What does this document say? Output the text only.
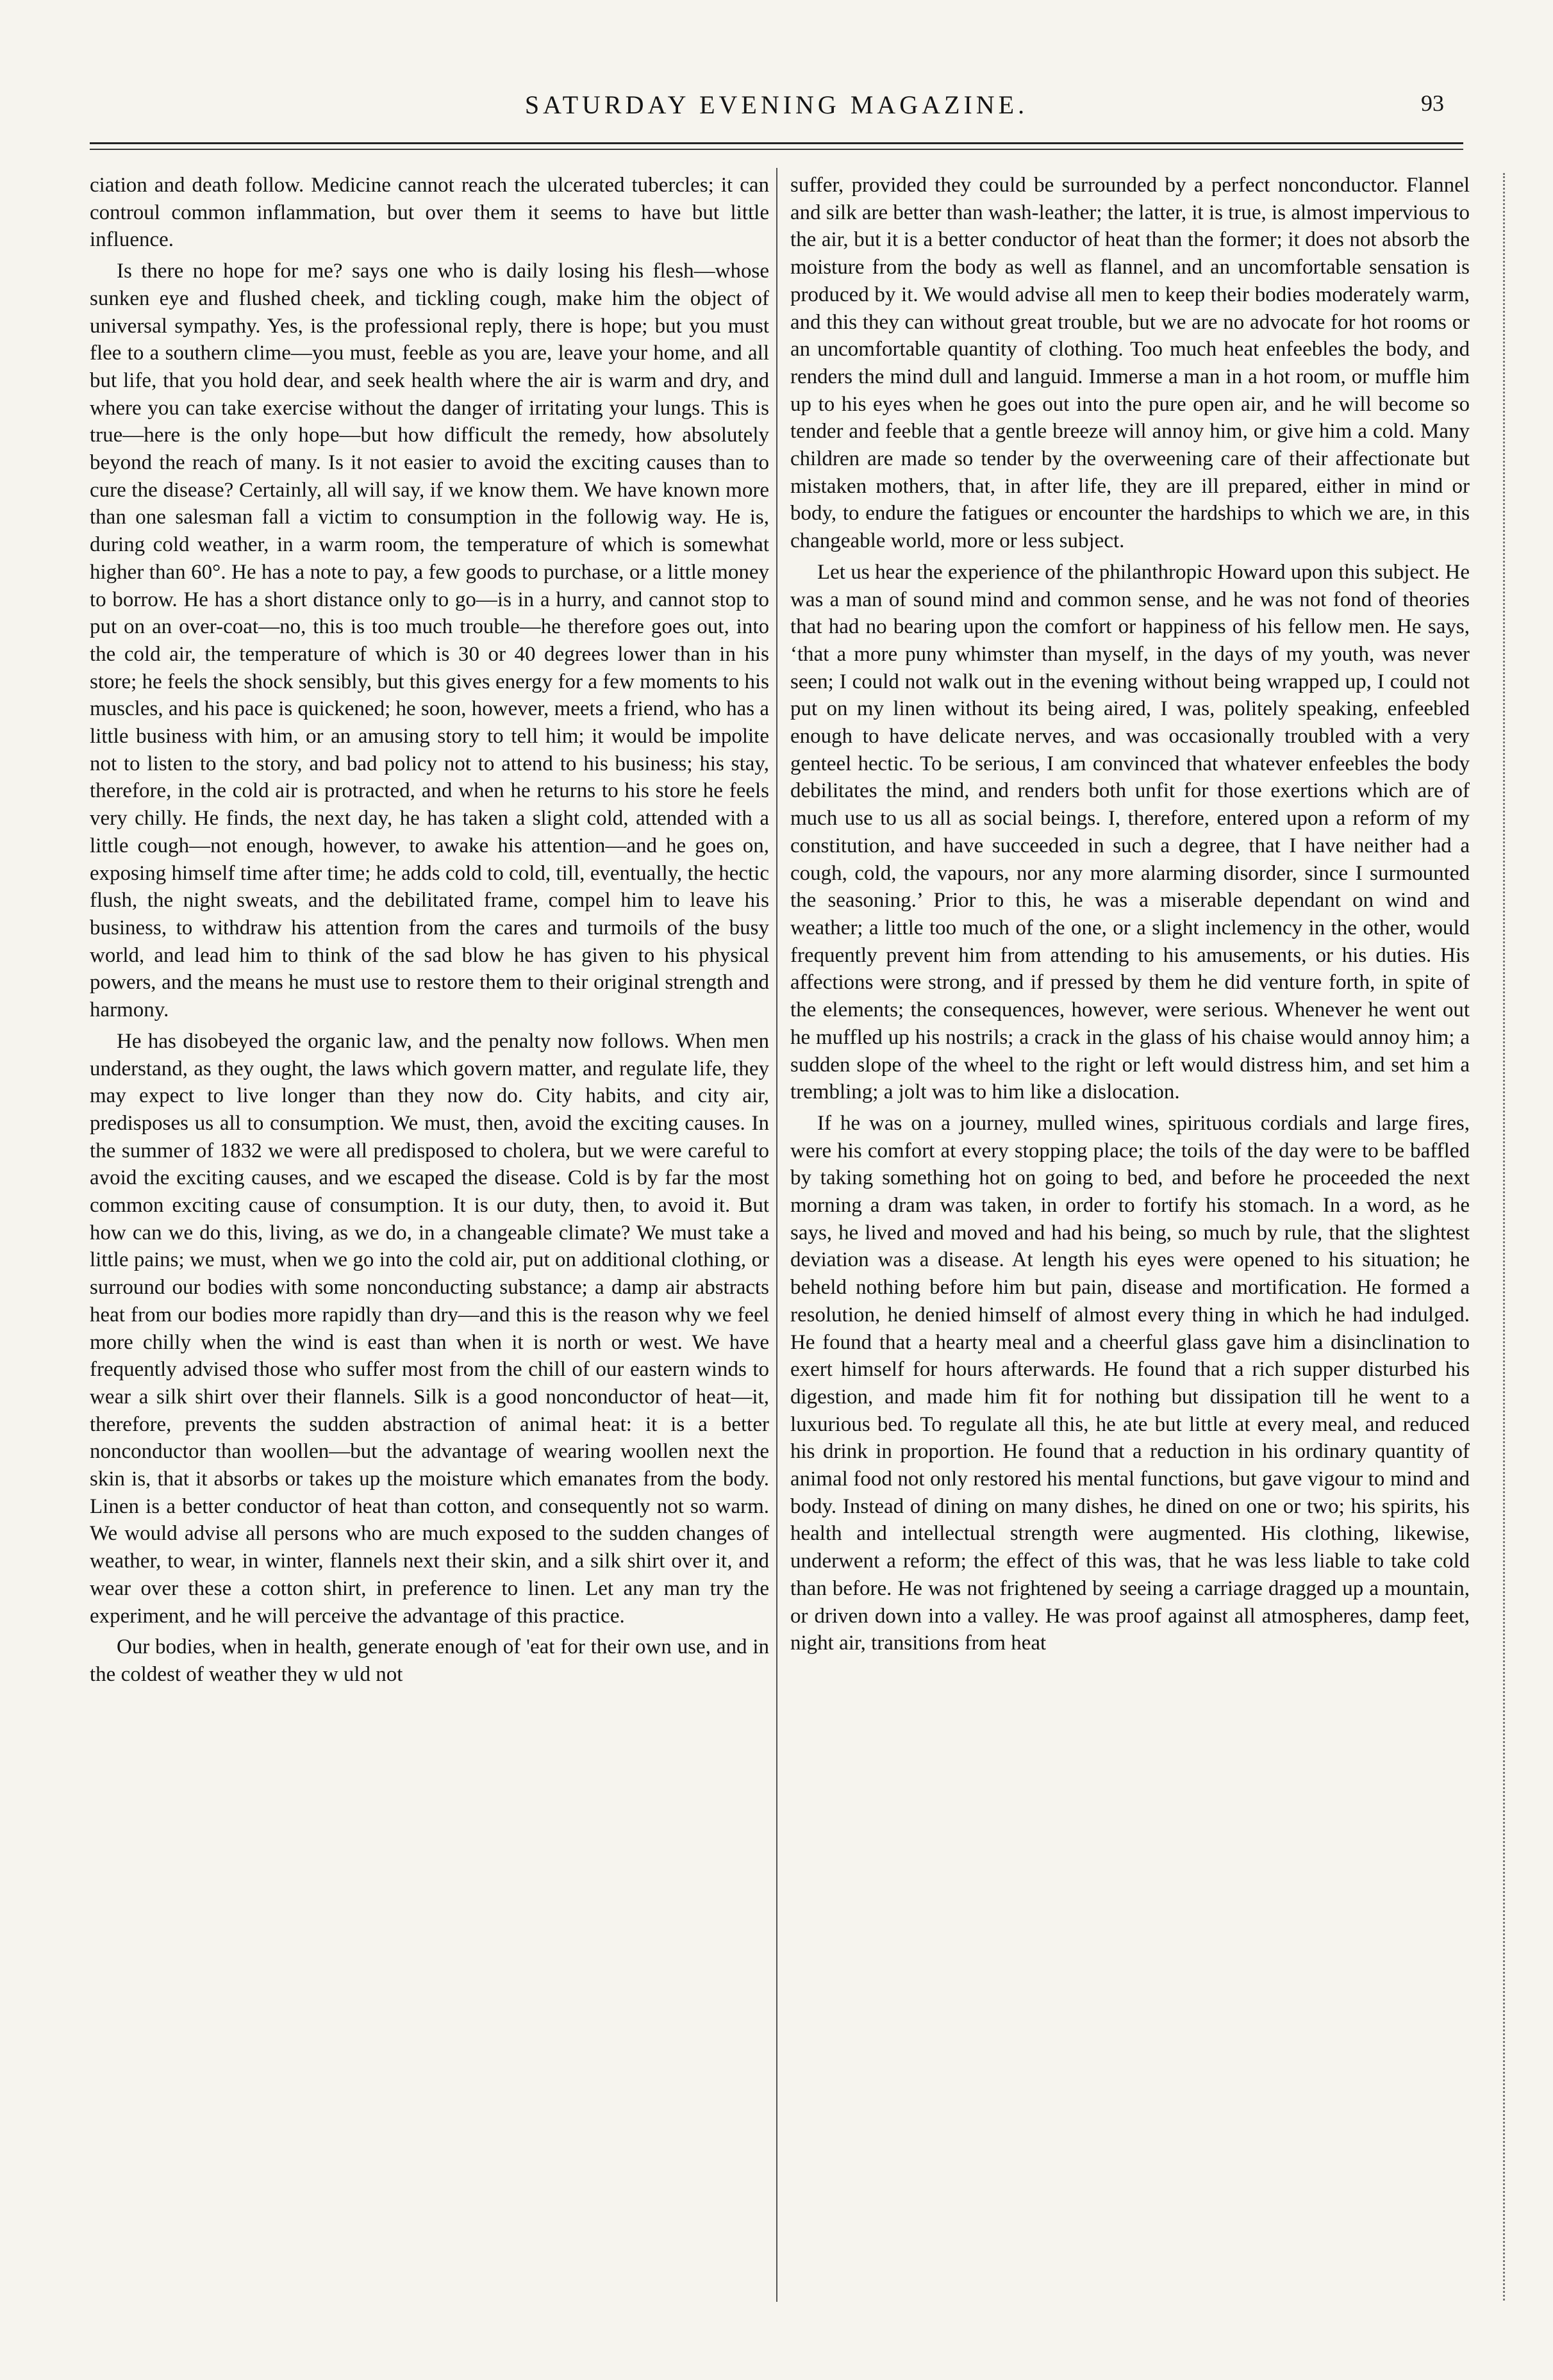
SATURDAY EVENING MAGAZINE.	93

ciation and death follow. Medicine cannot reach the ulcerated tubercles; it can controul common inflammation, but over them it seems to have but little influence.

Is there no hope for me? says one who is daily losing his flesh—whose sunken eye and flushed cheek, and tickling cough, make him the object of universal sympathy. Yes, is the professional reply, there is hope; but you must flee to a southern clime—you must, feeble as you are, leave your home, and all but life, that you hold dear, and seek health where the air is warm and dry, and where you can take exercise without the danger of irritating your lungs. This is true—here is the only hope—but how difficult the remedy, how absolutely beyond the reach of many. Is it not easier to avoid the exciting causes than to cure the disease? Certainly, all will say, if we know them. We have known more than one salesman fall a victim to consumption in the followig way. He is, during cold weather, in a warm room, the temperature of which is somewhat higher than 60°. He has a note to pay, a few goods to purchase, or a little money to borrow. He has a short distance only to go—is in a hurry, and cannot stop to put on an over-coat—no, this is too much trouble—he therefore goes out, into the cold air, the temperature of which is 30 or 40 degrees lower than in his store; he feels the shock sensibly, but this gives energy for a few moments to his muscles, and his pace is quickened; he soon, however, meets a friend, who has a little business with him, or an amusing story to tell him; it would be impolite not to listen to the story, and bad policy not to attend to his business; his stay, therefore, in the cold air is protracted, and when he returns to his store he feels very chilly. He finds, the next day, he has taken a slight cold, attended with a little cough—not enough, however, to awake his attention—and he goes on, exposing himself time after time; he adds cold to cold, till, eventually, the hectic flush, the night sweats, and the debilitated frame, compel him to leave his business, to withdraw his attention from the cares and turmoils of the busy world, and lead him to think of the sad blow he has given to his physical powers, and the means he must use to restore them to their original strength and harmony.

He has disobeyed the organic law, and the penalty now follows. When men understand, as they ought, the laws which govern matter, and regulate life, they may expect to live longer than they now do. City habits, and city air, predisposes us all to consumption. We must, then, avoid the exciting causes. In the summer of 1832 we were all predisposed to cholera, but we were careful to avoid the exciting causes, and we escaped the disease. Cold is by far the most common exciting cause of consumption. It is our duty, then, to avoid it. But how can we do this, living, as we do, in a changeable climate? We must take a little pains; we must, when we go into the cold air, put on additional clothing, or surround our bodies with some nonconducting substance; a damp air abstracts heat from our bodies more rapidly than dry—and this is the reason why we feel more chilly when the wind is east than when it is north or west. We have frequently advised those who suffer most from the chill of our eastern winds to wear a silk shirt over their flannels. Silk is a good nonconductor of heat—it, therefore, prevents the sudden abstraction of animal heat: it is a better nonconductor than woollen—but the advantage of wearing woollen next the skin is, that it absorbs or takes up the moisture which emanates from the body. Linen is a better conductor of heat than cotton, and consequently not so warm. We would advise all persons who are much exposed to the sudden changes of weather, to wear, in winter, flannels next their skin, and a silk shirt over it, and wear over these a cotton shirt, in preference to linen. Let any man try the experiment, and he will perceive the advantage of this practice.

Our bodies, when in health, generate enough of 'eat for their own use, and in the coldest of weather they w uld not

suffer, provided they could be surrounded by a perfect nonconductor. Flannel and silk are better than wash-leather; the latter, it is true, is almost impervious to the air, but it is a better conductor of heat than the former; it does not absorb the moisture from the body as well as flannel, and an uncomfortable sensation is produced by it. We would advise all men to keep their bodies moderately warm, and this they can without great trouble, but we are no advocate for hot rooms or an uncomfortable quantity of clothing. Too much heat enfeebles the body, and renders the mind dull and languid. Immerse a man in a hot room, or muffle him up to his eyes when he goes out into the pure open air, and he will become so tender and feeble that a gentle breeze will annoy him, or give him a cold. Many children are made so tender by the overweening care of their affectionate but mistaken mothers, that, in after life, they are ill prepared, either in mind or body, to endure the fatigues or encounter the hardships to which we are, in this changeable world, more or less subject.

Let us hear the experience of the philanthropic Howard upon this subject. He was a man of sound mind and common sense, and he was not fond of theories that had no bearing upon the comfort or happiness of his fellow men. He says, ‘that a more puny whimster than myself, in the days of my youth, was never seen; I could not walk out in the evening without being wrapped up, I could not put on my linen without its being aired, I was, politely speaking, enfeebled enough to have delicate nerves, and was occasionally troubled with a very genteel hectic. To be serious, I am convinced that whatever enfeebles the body debilitates the mind, and renders both unfit for those exertions which are of much use to us all as social beings. I, therefore, entered upon a reform of my constitution, and have succeeded in such a degree, that I have neither had a cough, cold, the vapours, nor any more alarming disorder, since I surmounted the seasoning.’ Prior to this, he was a miserable dependant on wind and weather; a little too much of the one, or a slight inclemency in the other, would frequently prevent him from attending to his amusements, or his duties. His affections were strong, and if pressed by them he did venture forth, in spite of the elements; the consequences, however, were serious. Whenever he went out he muffled up his nostrils; a crack in the glass of his chaise would annoy him; a sudden slope of the wheel to the right or left would distress him, and set him a trembling; a jolt was to him like a dislocation.

If he was on a journey, mulled wines, spirituous cordials and large fires, were his comfort at every stopping place; the toils of the day were to be baffled by taking something hot on going to bed, and before he proceeded the next morning a dram was taken, in order to fortify his stomach. In a word, as he says, he lived and moved and had his being, so much by rule, that the slightest deviation was a disease. At length his eyes were opened to his situation; he beheld nothing before him but pain, disease and mortification. He formed a resolution, he denied himself of almost every thing in which he had indulged. He found that a hearty meal and a cheerful glass gave him a disinclination to exert himself for hours afterwards. He found that a rich supper disturbed his digestion, and made him fit for nothing but dissipation till he went to a luxurious bed. To regulate all this, he ate but little at every meal, and reduced his drink in proportion. He found that a reduction in his ordinary quantity of animal food not only restored his mental functions, but gave vigour to mind and body. Instead of dining on many dishes, he dined on one or two; his spirits, his health and intellectual strength were augmented. His clothing, likewise, underwent a reform; the effect of this was, that he was less liable to take cold than before. He was not frightened by seeing a carriage dragged up a mountain, or driven down into a valley. He was proof against all atmospheres, damp feet, night air, transitions from heat
